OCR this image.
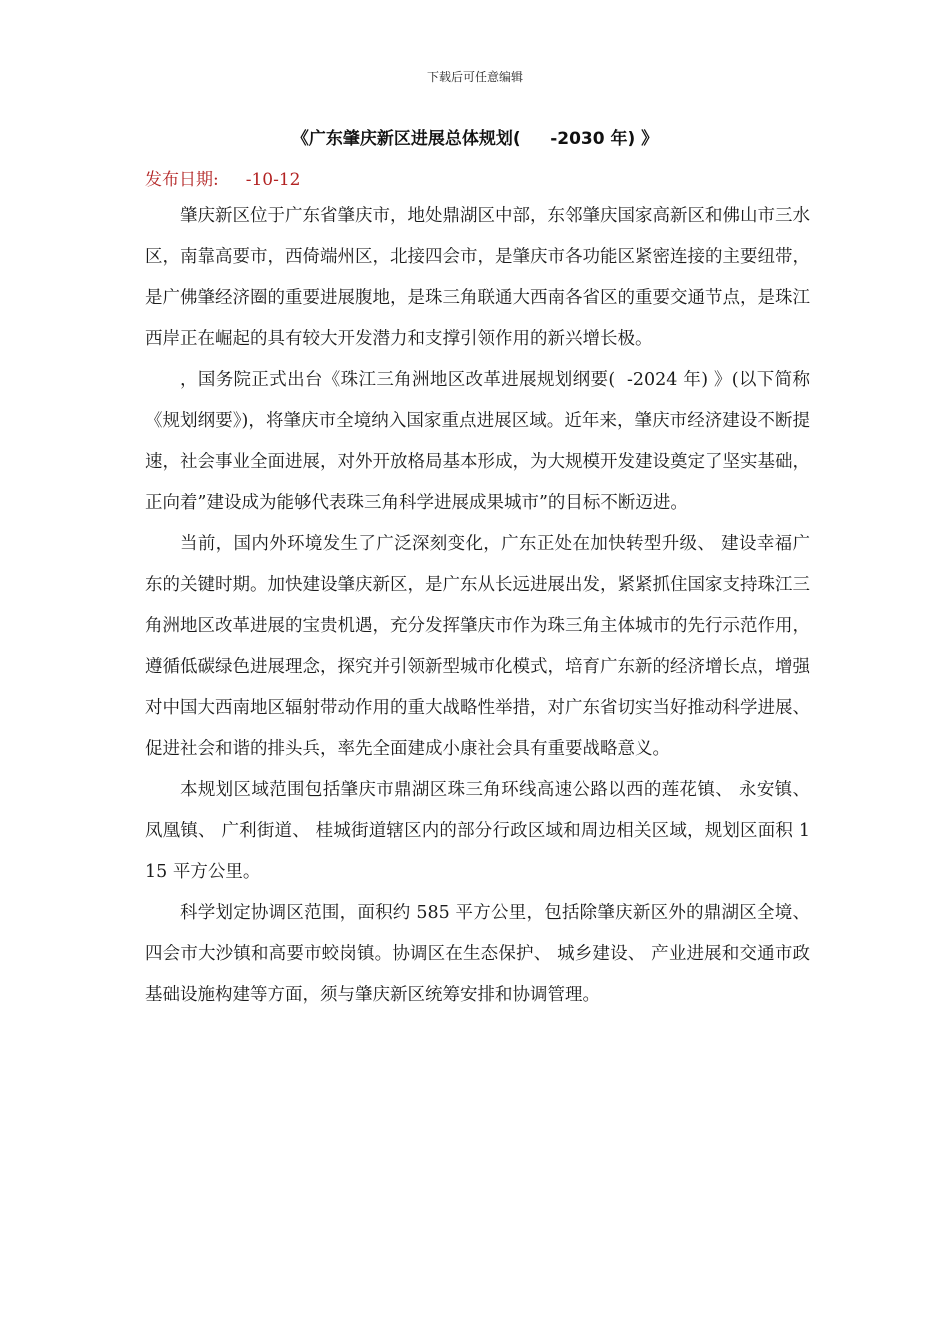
下载后可任意编辑
《广东肇庆新区进展总体规划(     -2030 年) 》
发布日期:     -10-12

肇庆新区位于广东省肇庆市，地处鼎湖区中部，东邻肇庆国家高新区和佛山市三水区，南靠高要市，西倚端州区，北接四会市，是肇庆市各功能区紧密连接的主要纽带，是广佛肇经济圈的重要进展腹地，是珠三角联通大西南各省区的重要交通节点，是珠江西岸正在崛起的具有较大开发潜力和支撑引领作用的新兴增长极。

，国务院正式出台《珠江三角洲地区改革进展规划纲要(  -2024 年) 》(以下简称《规划纲要》)，将肇庆市全境纳入国家重点进展区域。近年来，肇庆市经济建设不断提速，社会事业全面进展，对外开放格局基本形成，为大规模开发建设奠定了坚实基础，正向着”建设成为能够代表珠三角科学进展成果城市”的目标不断迈进。

当前，国内外环境发生了广泛深刻变化，广东正处在加快转型升级、 建设幸福广东的关键时期。加快建设肇庆新区，是广东从长远进展出发，紧紧抓住国家支持珠江三角洲地区改革进展的宝贵机遇，充分发挥肇庆市作为珠三角主体城市的先行示范作用，遵循低碳绿色进展理念，探究并引领新型城市化模式，培育广东新的经济增长点，增强对中国大西南地区辐射带动作用的重大战略性举措，对广东省切实当好推动科学进展、 促进社会和谐的排头兵，率先全面建成小康社会具有重要战略意义。

本规划区域范围包括肇庆市鼎湖区珠三角环线高速公路以西的莲花镇、 永安镇、 凤凰镇、 广利街道、 桂城街道辖区内的部分行政区域和周边相关区域，规划区面积 115 平方公里。

科学划定协调区范围，面积约 585 平方公里，包括除肇庆新区外的鼎湖区全境、 四会市大沙镇和高要市蛟岗镇。协调区在生态保护、 城乡建设、 产业进展和交通市政基础设施构建等方面，须与肇庆新区统筹安排和协调管理。
